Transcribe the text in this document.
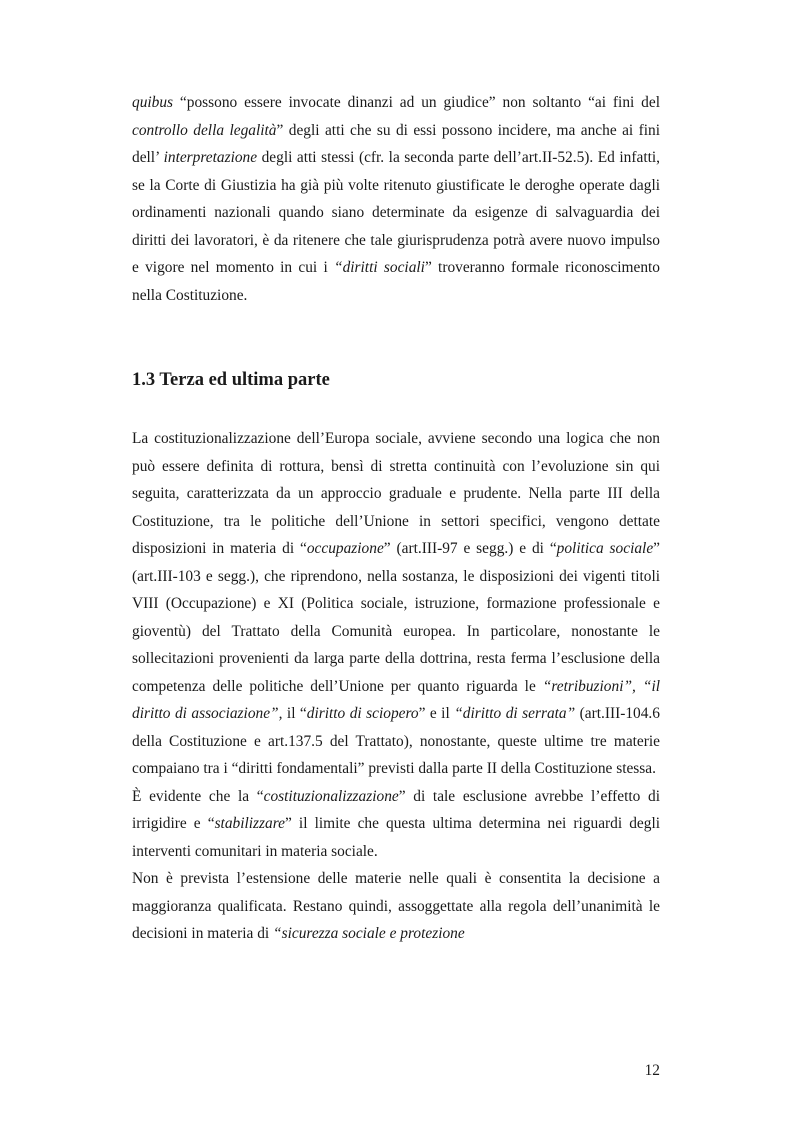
quibus “possono essere invocate dinanzi ad un giudice” non soltanto “ai fini del controllo della legalità” degli atti che su di essi possono incidere, ma anche ai fini dell’ interpretazione degli atti stessi (cfr. la seconda parte dell’art.II-52.5). Ed infatti, se la Corte di Giustizia ha già più volte ritenuto giustificate le deroghe operate dagli ordinamenti nazionali quando siano determinate da esigenze di salvaguardia dei diritti dei lavoratori, è da ritenere che tale giurisprudenza potrà avere nuovo impulso e vigore nel momento in cui i “diritti sociali” troveranno formale riconoscimento nella Costituzione.

1.3 Terza ed ultima parte

La costituzionalizzazione dell’Europa sociale, avviene secondo una logica che non può essere definita di rottura, bensì di stretta continuità con l’evoluzione sin qui seguita, caratterizzata da un approccio graduale e prudente. Nella parte III della Costituzione, tra le politiche dell’Unione in settori specifici, vengono dettate disposizioni in materia di “occupazione” (art.III-97 e segg.) e di “politica sociale” (art.III-103 e segg.), che riprendono, nella sostanza, le disposizioni dei vigenti titoli VIII (Occupazione) e XI (Politica sociale, istruzione, formazione professionale e gioventù) del Trattato della Comunità europea. In particolare, nonostante le sollecitazioni provenienti da larga parte della dottrina, resta ferma l’esclusione della competenza delle politiche dell’Unione per quanto riguarda le “retribuzioni”, “il diritto di associazione”, il “diritto di sciopero” e il “diritto di serrata” (art.III-104.6 della Costituzione e art.137.5 del Trattato), nonostante, queste ultime tre materie compaiano tra i “diritti fondamentali” previsti dalla parte II della Costituzione stessa.

È evidente che la “costituzionalizzazione” di tale esclusione avrebbe l’effetto di irrigidire e “stabilizzare” il limite che questa ultima determina nei riguardi degli interventi comunitari in materia sociale.

Non è prevista l’estensione delle materie nelle quali è consentita la decisione a maggioranza qualificata. Restano quindi, assoggettate alla regola dell’unanimità le decisioni in materia di “sicurezza sociale e protezione

12
